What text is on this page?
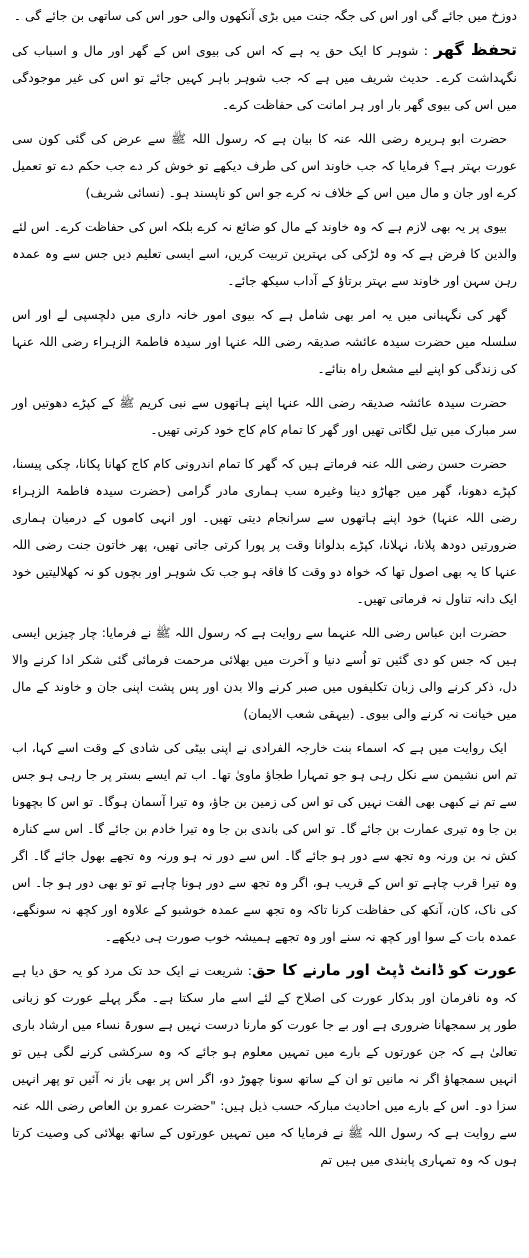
دوزخ میں جائے گی اور اس کی جگہ جنت میں بڑی آنکھوں والی حور اس کی ساتھی بن جائے گی ۔

تحفظ گھر: شوہر کا ایک حق یہ ہے کہ اس کی بیوی اس کے گھر اور مال و اسباب کی نگہداشت کرے۔ حدیث شریف میں ہے کہ جب شوہر باہر کہیں جائے تو اس کی غیر موجودگی میں اس کی بیوی گھر بار اور ہر امانت کی حفاظت کرے۔

حضرت ابو ہریرہ رضی اللہ عنہ کا بیان ہے کہ رسول اللہ ﷺ سے عرض کی گئی کون سی عورت بہتر ہے؟ فرمایا کہ جب خاوند اس کی طرف دیکھے تو خوش کر دے جب حکم دے تو تعمیل کرے اور جان و مال میں اس کے خلاف نہ کرے جو اس کو ناپسند ہو۔ (نسائی شریف)

بیوی پر یہ بھی لازم ہے کہ وہ خاوند کے مال کو ضائع نہ کرے بلکہ اس کی حفاظت کرے۔ اس لئے والدین کا فرض ہے کہ وہ لڑکی کی بہترین تربیت کریں، اسے ایسی تعلیم دیں جس سے وہ عمدہ رہن سہن اور خاوند سے بہتر برتاؤ کے آداب سیکھ جائے۔

گھر کی نگہبانی میں یہ امر بھی شامل ہے کہ بیوی امور خانہ داری میں دلچسپی لے اور اس سلسلہ میں حضرت سیدہ عائشہ صدیقہ رضی اللہ عنہا اور سیدہ فاطمۃ الزہراء رضی اللہ عنہا کی زندگی کو اپنے لیے مشعل راہ بنائے۔

حضرت سیدہ عائشہ صدیقہ رضی اللہ عنہا اپنے ہاتھوں سے نبی کریم ﷺ کے کپڑے دھوتیں اور سر مبارک میں تیل لگاتی تھیں اور گھر کا تمام کام کاج خود کرتی تھیں۔

حضرت حسن رضی اللہ عنہ فرماتے ہیں کہ گھر کا تمام اندرونی کام کاج کھانا پکانا، چکی پیسنا، کپڑے دھونا، گھر میں جھاڑو دینا وغیرہ سب ہماری مادر گرامی (حضرت سیدہ فاطمۃ الزہراء رضی اللہ عنہا) خود اپنے ہاتھوں سے سرانجام دیتی تھیں۔ اور انہی کاموں کے درمیان ہماری ضرورتیں دودھ پلانا، نہلانا، کپڑے بدلوانا وقت پر پورا کرتی جاتی تھیں، پھر خاتون جنت رضی اللہ عنہا کا یہ بھی اصول تھا کہ خواہ دو وقت کا فاقہ ہو جب تک شوہر اور بچوں کو نہ کھلالیتیں خود ایک دانہ تناول نہ فرماتی تھیں۔

حضرت ابن عباس رضی اللہ عنہما سے روایت ہے کہ رسول اللہ ﷺ نے فرمایا: چار چیزیں ایسی ہیں کہ جس کو دی گئیں تو اُسے دنیا و آخرت میں بھلائی مرحمت فرمائی گئی شکر ادا کرنے والا دل، ذکر کرنے والی زبان تکلیفوں میں صبر کرنے والا بدن اور پس پشت اپنی جان و خاوند کے مال میں خیانت نہ کرنے والی بیوی۔ (بیہقی شعب الایمان)

ایک روایت میں ہے کہ اسماء بنت خارجہ الفرادی نے اپنی بیٹی کی شادی کے وقت اسے کہا، اب تم اس نشیمن سے نکل رہی ہو جو تمہارا طجاؤ ماویٰ تھا۔ اب تم ایسے بستر پر جا رہی ہو جس سے تم نے کبھی بھی الفت نہیں کی تو اس کی زمین بن جاؤ، وہ تیرا آسمان ہوگا۔ تو اس کا بچھونا بن جا وہ تیری عمارت بن جائے گا۔ تو اس کی باندی بن جا وہ تیرا خادم بن جائے گا۔ اس سے کنارہ کش نہ بن ورنہ وہ تجھ سے دور ہو جائے گا۔ اس سے دور نہ ہو ورنہ وہ تجھے بھول جائے گا۔ اگر وہ تیرا قرب چاہے تو اس کے قریب ہو، اگر وہ تجھ سے دور ہونا چاہے تو تو بھی دور ہو جا۔ اس کی ناک، کان، آنکھ کی حفاظت کرنا تاکہ وہ تجھ سے عمدہ خوشبو کے علاوہ اور کچھ نہ سونگھے، عمدہ بات کے سوا اور کچھ نہ سنے اور وہ تجھے ہمیشہ خوب صورت ہی دیکھے۔

عورت کو ڈانٹ ڈپٹ اور مارنے کا حق: شریعت نے ایک حد تک مرد کو یہ حق دیا ہے کہ وہ نافرمان اور بدکار عورت کی اصلاح کے لئے اسے مار سکتا ہے۔ مگر پہلے عورت کو زبانی طور پر سمجھانا ضروری ہے اور بے جا عورت کو مارنا درست نہیں ہے سورۃ نساء میں ارشاد باری تعالیٰ ہے کہ جن عورتوں کے بارے میں تمہیں معلوم ہو جائے کہ وہ سرکشی کرنے لگی ہیں تو انہیں سمجھاؤ اگر نہ مانیں تو ان کے ساتھ سونا چھوڑ دو، اگر اس پر بھی باز نہ آئیں تو پھر انہیں سزا دو۔ اس کے بارے میں احادیث مبارکہ حسب ذیل ہیں: "حضرت عمرو بن العاص رضی اللہ عنہ سے روایت ہے کہ رسول اللہ ﷺ نے فرمایا کہ میں تمہیں عورتوں کے ساتھ بھلائی کی وصیت کرتا ہوں کہ وہ تمہاری پابندی میں ہیں تم
